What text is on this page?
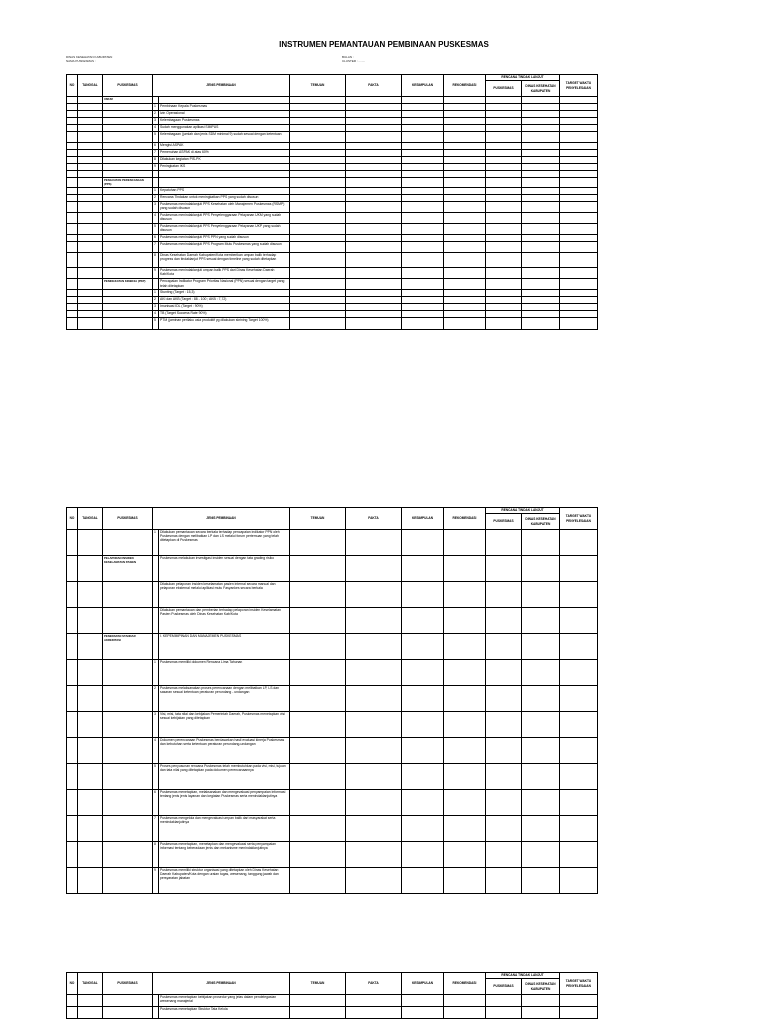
INSTRUMEN PEMANTAUAN PEMBINAAN PUSKESMAS
DINAS KESEHATAN KABUPATEN
NAMA PUSKESMAS :
BULAN :
CLUSTER : ........
NO	TANGGAL	PUSKESMAS	JENIS PEMBINAAN		TEMUAN	FAKTA	KESIMPULAN	REKOMENDASI	RENCANA TINDAK LANJUT		TARGET WAKTU PENYELESAIAN
									PUSKESMAS	DINAS KESEHATAN KABUPATEN	
		UMUM									
			1	Pembinaan Kepala Puskesmas							
			2	Izin Operasional							
			3	Kelembagaan Puskesmas							
			4	Sudah menggunakan aplikasi SIMPUS							
			5	Kelembagaan (jumlah dan jenis SDM minimal 9) sudah sesuai dengan ketentuan							
			6	Mengisi ASPAK							
			7	Pemenuhan ASPAK di atas 60%							
			8	Dilakukan kegiatan PIS-PK							
			9	Peningkatan IKS							

		PENGUATAN PERENCANAAN (PPS)									
			1	Kepatuhan PPS							
			2	Rencana Tindakan untuk meningkatkan PPS yang sudah disusun							
			3	Puskesmas menindaklanjuti PPS Kesehatan oleh Manajemen Puskesmas (RSMP) yang sudah disusun							
			4	Puskesmas menindaklanjuti PPS Penyelenggaraan Pelayanan UKM yang sudah disusun							
			5	Puskesmas menindaklanjuti PPS Penyelenggaraan Pelayanan UKP yang sudah disusun							
			6	Puskesmas menindaklanjuti PPS PPN yang sudah disusun							
			7	Puskesmas menindaklanjuti PPS Program Mutu Puskesmas yang sudah disusun							
			8	Dinas Kesehatan Daerah Kabupaten/Kota memberikan umpan balik terhadap progress dan tindaklanjut PPS sesuai dengan timeline yang sudah ditetapkan							
			9	Puskesmas menindaklanjuti umpan balik PPS dari Dinas Kesehatan Daerah Kab/Kota							
		PENINGKATAN KINERJA (PKP)		Pencapaian Indikator Program Prioritas Nasional (PPN) sesuai dengan target yang telah ditetapkan							
			1	Stunting (Target : 15,3)							
			2	AKI dan AKB (Target : 88 - 100 ; AKB : 7,72)							
			3	Imunisasi IDL (Target : 90%)							
			4	TB (Target Success Rate 90%)							
			5	PTM (jaminan perilaku usia produktif yg dilakukan skrining Target 100%)							
NO	TANGGAL	PUSKESMAS	JENIS PEMBINAAN		TEMUAN	FAKTA	KESIMPULAN	REKOMENDASI	RENCANA TINDAK LANJUT		TARGET WAKTU PENYELESAIAN
									PUSKESMAS	DINAS KESEHATAN KABUPATEN	
			1	Dilakukan pemantauan secara berkala terhadap pencapaian indikator PPN oleh Puskesmas dengan melibatkan LP dan LS melalui forum pertemuan yang telah ditetapkan di Puskesmas							
		PELAPORAN INSIDEN KESELAMATAN PASIEN		Puskesmas melakukan investigasi insiden sesuai dengan tata grading risiko							
				Dilakukan pelaporan insiden keselamatan pasien internal secara manual dan pelaporan eksternal melalui aplikasi mutu Fasyankes secara berkala							
				Dilakukan pemantauan dan pemberian terhadap pelaporan insiden Keselamatan Pasien Puskesmas oleh Dinas Kesehatan Kab/Kota							
		PENERAPAN STANDAR AKREDITASI		I. KEPEMIMPINAN DAN MANAJEMEN PUSKESMAS							
			1	Puskesmas memiliki dokumen Rencana Lima Tahunan							
			2	Puskesmas melaksanakan proses perencanaan dengan melibatkan LP, LS dan sasaran sesuai ketentuan peraturan perundang - undangan							
			3	Visi, misi, tata nilai dan kebijakan Pemerintah Daerah, Puskesmas menetapkan visi sesuai kebijakan yang ditetapkan							
			4	Dokumen perencanaan Puskesmas berdasarkan hasil evaluasi kinerja Puskesmas dan kebutuhan serta ketentuan peraturan perundang-undangan							
			5	Proses penyusunan rencana Puskesmas telah membutuhkan pada visi, misi, tujuan dan tata nilai yang ditetapkan pada dokumen perencanaannya							
			6	Puskesmas menetapkan, melaksanakan dan mengevaluasi penyampaian informasi tentang jenis jenis layanan dan kegiatan Puskesmas serta menindaklanjutinya							
			7	Puskesmas mengelola dan mengevaluasi umpan balik dari masyarakat serta menindaklanjutinya							
			8	Puskesmas menetapkan, menetapkan dan mengevaluasi serta penyampaian informasi tentang keberadaan jenis dan mekanisme menindaklanjutinya							
			9	Puskesmas memiliki struktur organisasi yang ditetapkan oleh Dinas Kesehatan Daerah Kabupaten/Kota dengan uraian tugas, wewenang, tanggung jawab dan persyaratan jabatan							
NO	TANGGAL	PUSKESMAS	JENIS PEMBINAAN		TEMUAN	FAKTA	KESIMPULAN	REKOMENDASI	RENCANA TINDAK LANJUT		TARGET WAKTU PENYELESAIAN
									PUSKESMAS	DINAS KESEHATAN KABUPATEN	
				Puskesmas menetapkan kebijakan prosedur yang jelas dalam pendelegasian wewenang manajerial							
				Puskesmas menetapkan Struktur Tata Kelola							
